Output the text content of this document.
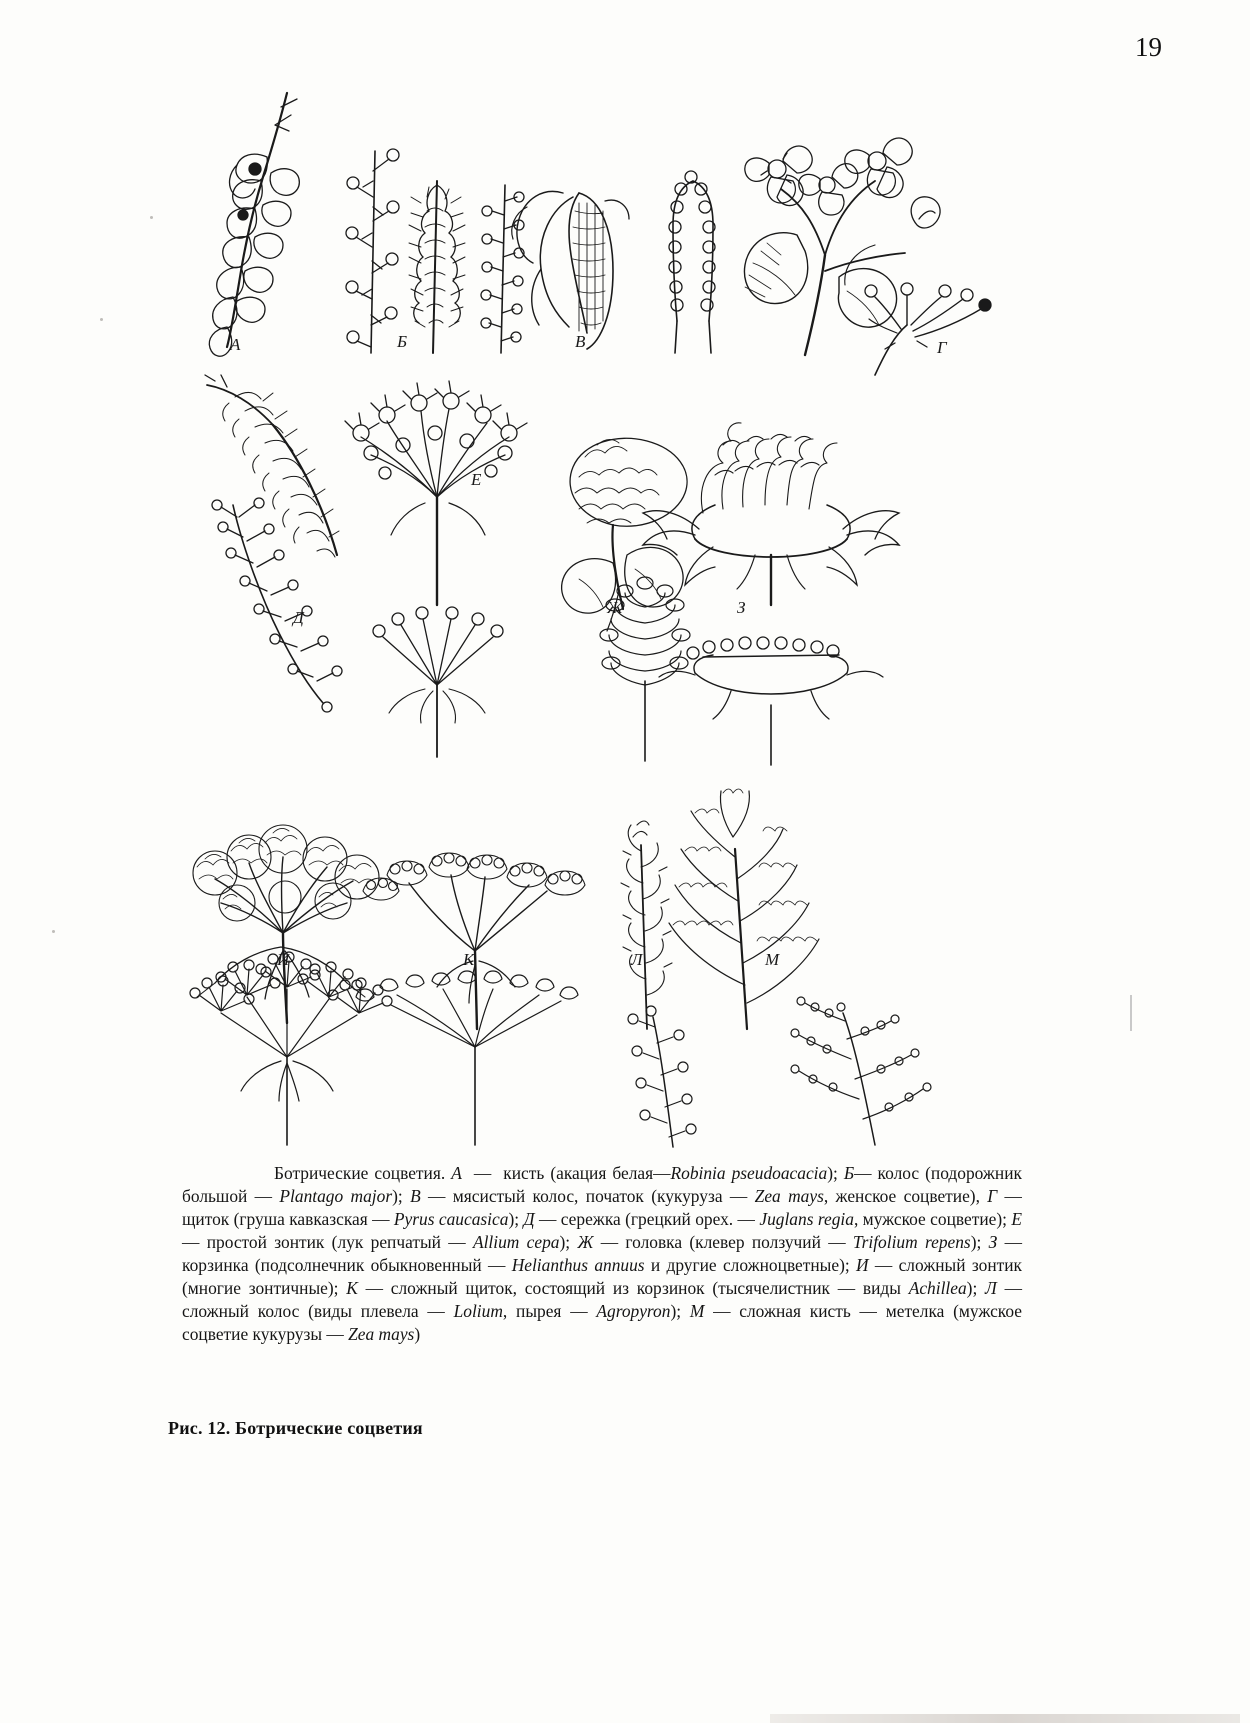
19
А	Б	В	Г
Д
Е
Ж	З
И	К	Л	М
Ботрические соцветия. А  —  кисть (акация белая—Robinia pseudoacacia); Б— колос (подорожник большой — Plantago major); В — мясистый колос, початок (кукуруза — Zea mays, женское соцветие), Г — щиток (груша кавказская — Pyrus caucasica); Д — сережка (грецкий орех. — Juglans regia, мужское соцветие); Е — простой зонтик (лук репчатый — Allium cepa); Ж — головка (клевер ползучий — Trifolium repens); З — корзинка (подсолнечник обыкновенный — Helianthus annuus и другие сложноцветные); И — сложный зонтик (многие зонтичные); К — сложный щиток, состоящий из корзинок (тысячелистник — виды Achillea); Л — сложный колос (виды плевела — Lolium, пырея — Agropyron); М — сложная кисть — метелка (мужское соцветие кукурузы — Zea mays)
Рис. 12. Ботрические соцветия
